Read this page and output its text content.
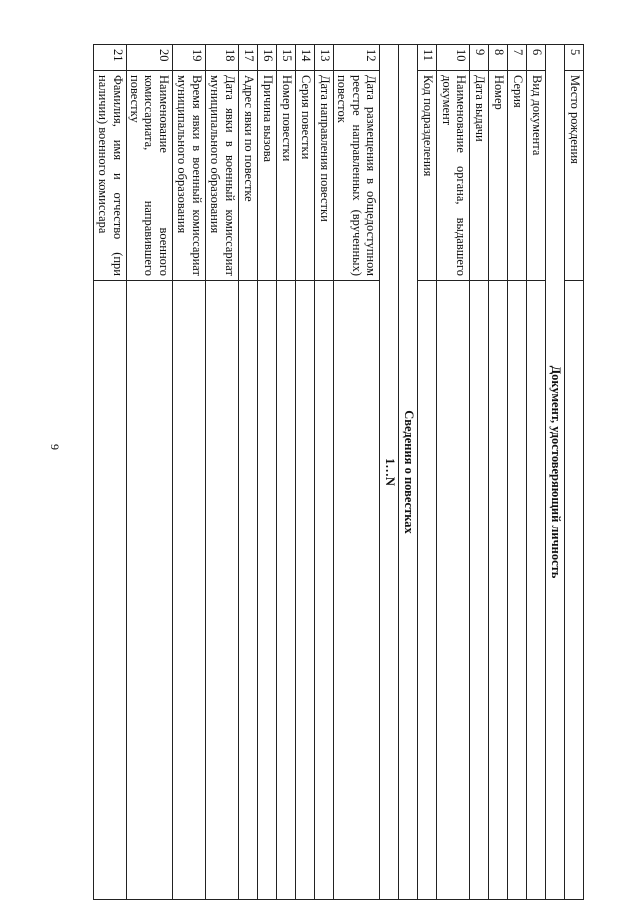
9
5	Место рождения	
Документ, удостоверяющий личность		
6	Вид документа	
7	Серия	
8	Номер	
9	Дата выдачи	
10	Наименование органа, выдавшего документ	
11	Код подразделения	
Сведения о повестках		
1…N		
12	Дата размещения в общедоступном реестре направленных (врученных) повесток	
13	Дата направления повестки	
14	Серия повестки	
15	Номер повестки	
16	Причина вызова	
17	Адрес явки по повестке	
18	Дата явки в военный комиссариат муниципального образования	
19	Время явки в военный комиссариат муниципального образования	
20	Наименование военного комиссариата, направившего повестку	
21	Фамилия, имя и отчество (при наличии) военного комиссара	
